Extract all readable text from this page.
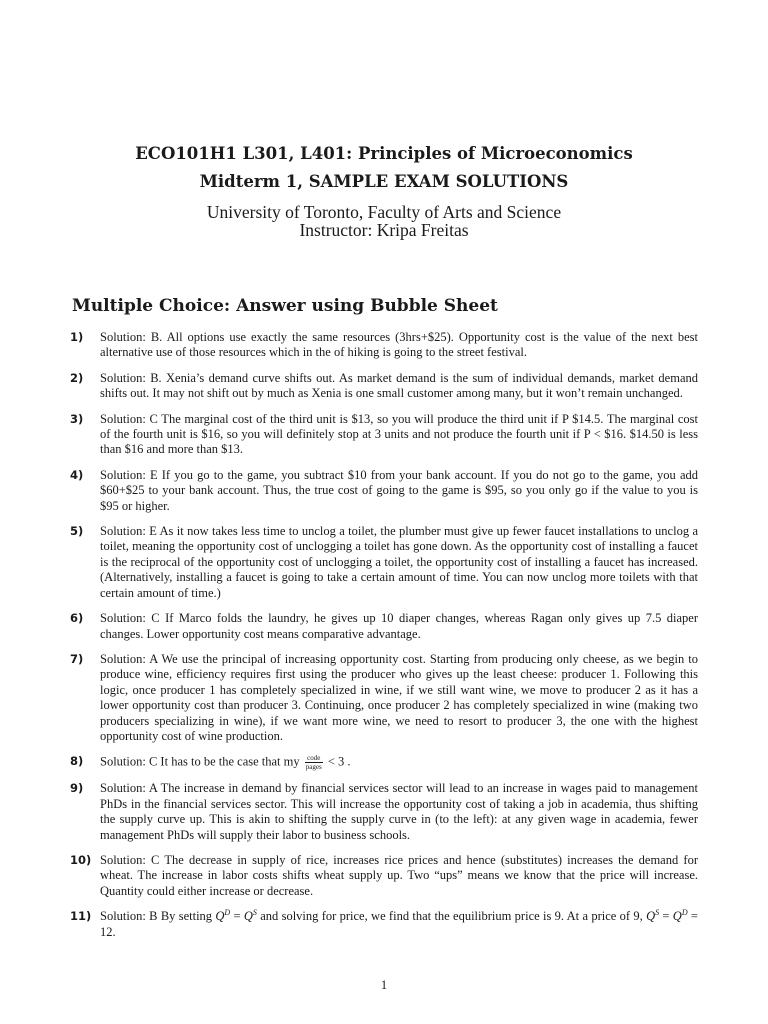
ECO101H1 L301, L401: Principles of Microeconomics
Midterm 1, SAMPLE EXAM SOLUTIONS
University of Toronto, Faculty of Arts and Science
Instructor: Kripa Freitas
Multiple Choice: Answer using Bubble Sheet
1)	Solution: B. All options use exactly the same resources (3hrs+$25). Opportunity cost is the value of the next best alternative use of those resources which in the of hiking is going to the street festival.
2)	Solution: B. Xenia’s demand curve shifts out. As market demand is the sum of individual demands, market demand shifts out. It may not shift out by much as Xenia is one small customer among many, but it won’t remain unchanged.
3)	Solution: C The marginal cost of the third unit is $13, so you will produce the third unit if P $14.5. The marginal cost of the fourth unit is $16, so you will definitely stop at 3 units and not produce the fourth unit if P < $16. $14.50 is less than $16 and more than $13.
4)	Solution: E If you go to the game, you subtract $10 from your bank account. If you do not go to the game, you add $60+$25 to your bank account. Thus, the true cost of going to the game is $95, so you only go if the value to you is $95 or higher.
5)	Solution: E As it now takes less time to unclog a toilet, the plumber must give up fewer faucet installations to unclog a toilet, meaning the opportunity cost of unclogging a toilet has gone down. As the opportunity cost of installing a faucet is the reciprocal of the opportunity cost of unclogging a toilet, the opportunity cost of installing a faucet has increased. (Alternatively, installing a faucet is going to take a certain amount of time. You can now unclog more toilets with that certain amount of time.)
6)	Solution: C If Marco folds the laundry, he gives up 10 diaper changes, whereas Ragan only gives up 7.5 diaper changes. Lower opportunity cost means comparative advantage.
7)	Solution: A We use the principal of increasing opportunity cost. Starting from producing only cheese, as we begin to produce wine, efficiency requires first using the producer who gives up the least cheese: producer 1. Following this logic, once producer 1 has completely specialized in wine, if we still want wine, we move to producer 2 as it has a lower opportunity cost than producer 3. Continuing, once producer 2 has completely specialized in wine (making two producers specializing in wine), if we want more wine, we need to resort to producer 3, the one with the highest opportunity cost of wine production.
8)	Solution: C It has to be the case that my $\frac{\text{code}}{\text{pages}} < 3$ .
9)	Solution: A The increase in demand by financial services sector will lead to an increase in wages paid to management PhDs in the financial services sector. This will increase the opportunity cost of taking a job in academia, thus shifting the supply curve up. This is akin to shifting the supply curve in (to the left): at any given wage in academia, fewer management PhDs will supply their labor to business schools.
10) Solution: C The decrease in supply of rice, increases rice prices and hence (substitutes) increases the demand for wheat. The increase in labor costs shifts wheat supply up. Two “ups” means we know that the price will increase. Quantity could either increase or decrease.
11) Solution: B By setting $Q^D = Q^S$ and solving for price, we find that the equilibrium price is 9. At a price of 9, $Q^S = Q^D = 12$.
1
